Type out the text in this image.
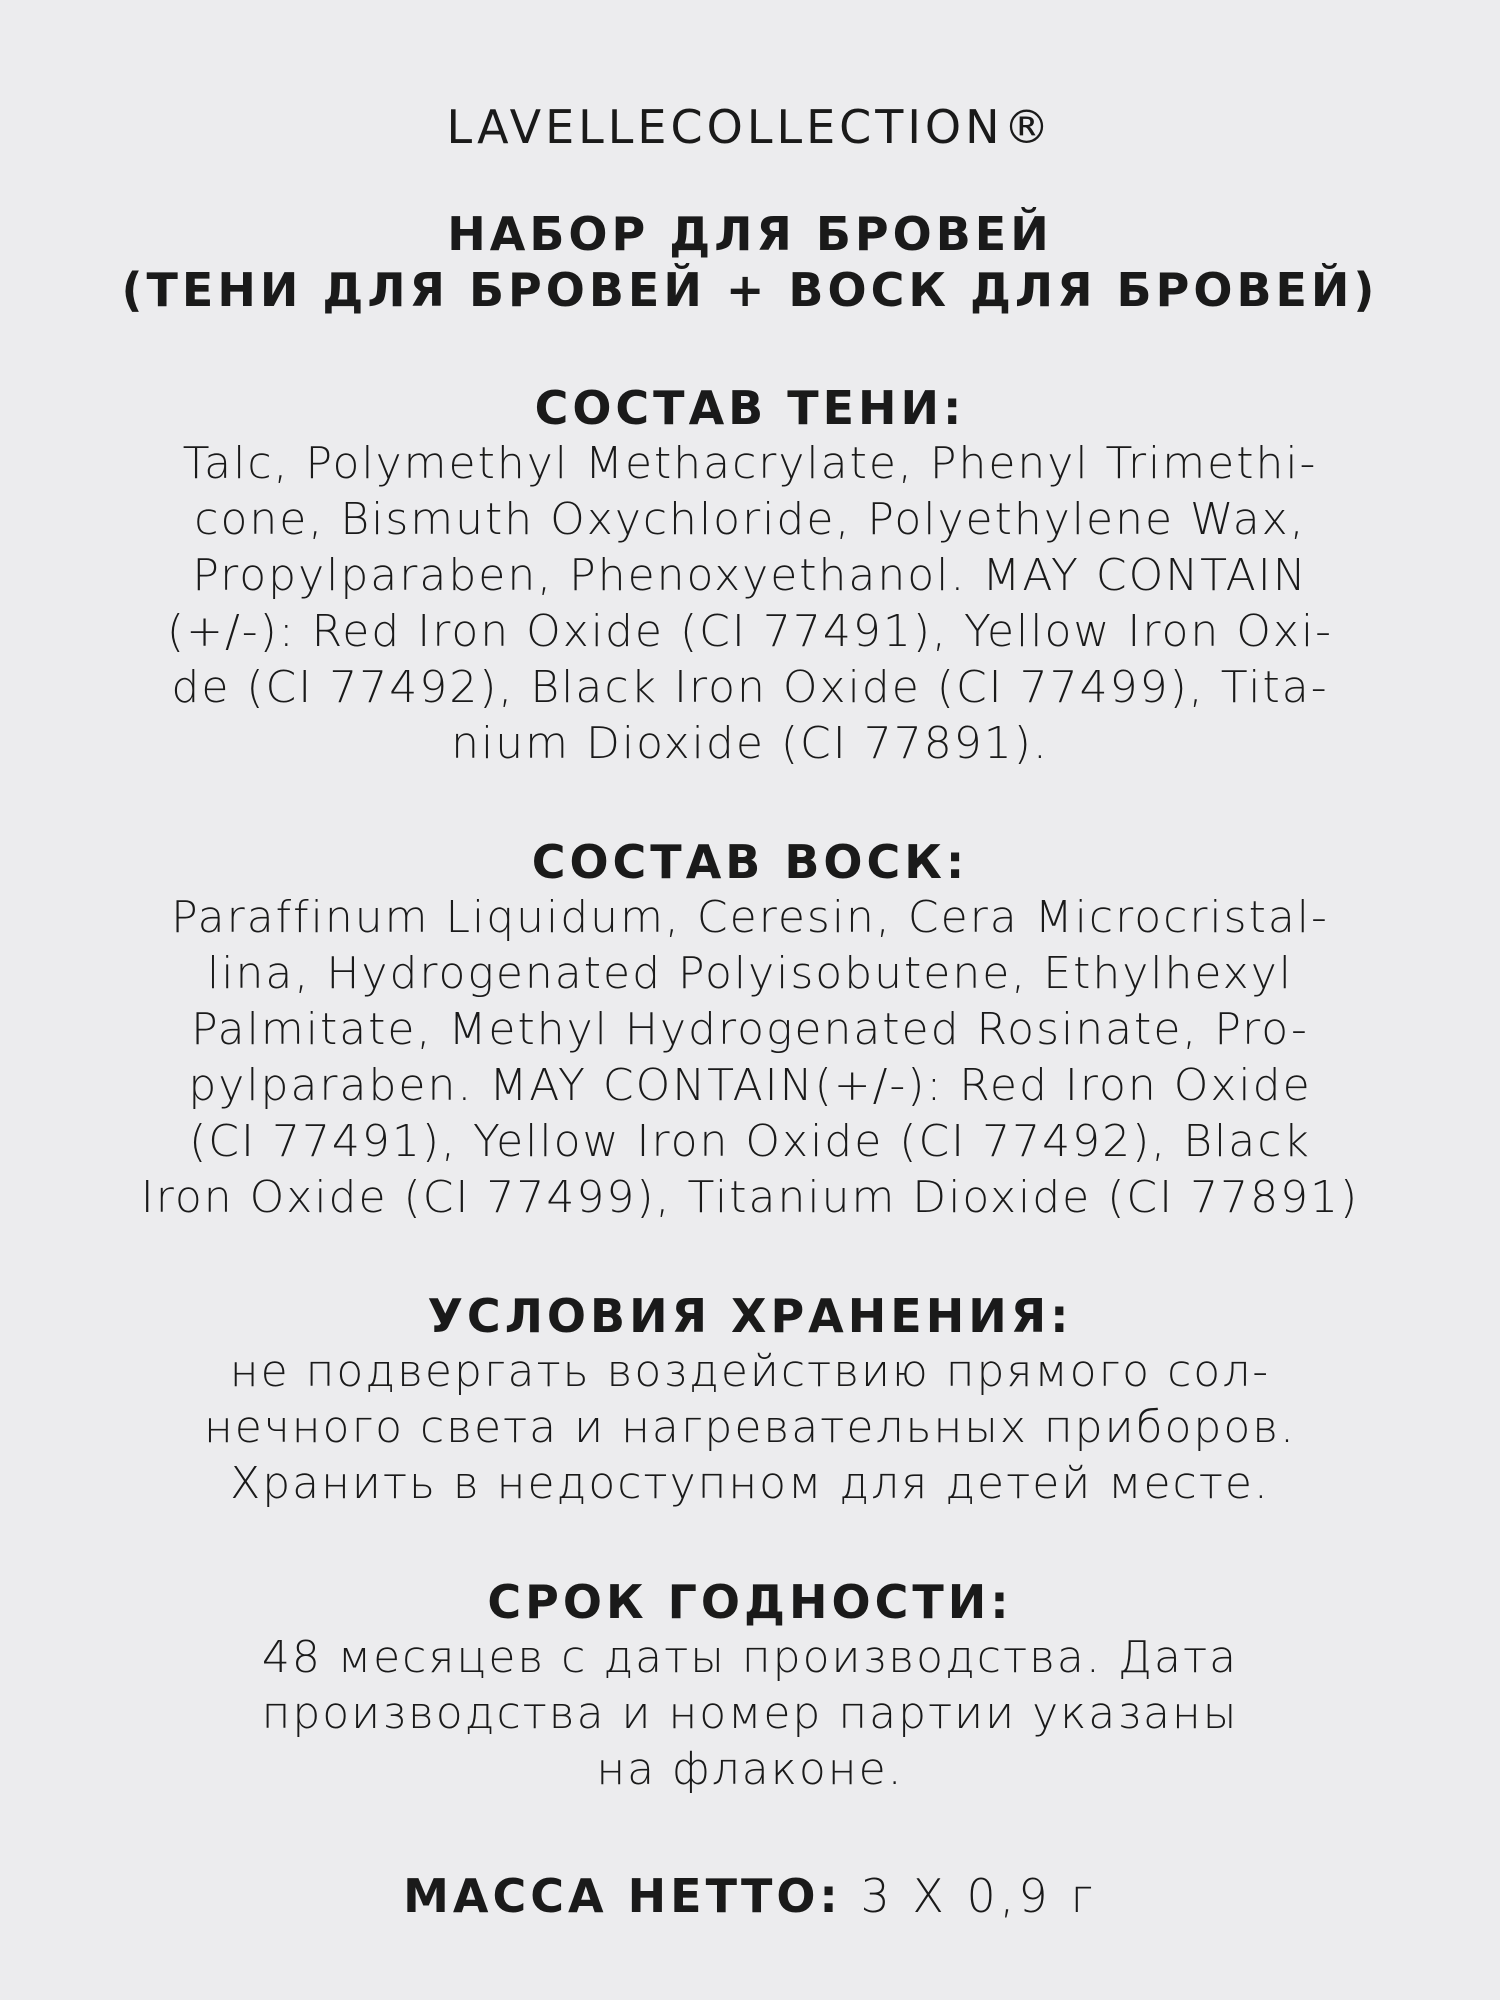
LAVELLECOLLECTION®

НАБОР ДЛЯ БРОВЕЙ
(ТЕНИ ДЛЯ БРОВЕЙ + ВОСК ДЛЯ БРОВЕЙ)
СОСТАВ ТЕНИ:

Talc, Polymethyl Methacrylate, Phenyl Trimethi-
cone, Bismuth Oxychloride, Polyethylene Wax,
Propylparaben, Phenoxyethanol. MAY CONTAIN
(+/-): Red Iron Oxide (CI 77491), Yellow Iron Oxi-
de (CI 77492), Black Iron Oxide (CI 77499), Tita-
nium Dioxide (CI 77891).

СОСТАВ ВОСК:

Paraffinum Liquidum, Ceresin, Cera Microcristal-
lina, Hydrogenated Polyisobutene, Ethylhexyl
Palmitate, Methyl Hydrogenated Rosinate, Pro-
pylparaben. MAY CONTAIN(+/-): Red Iron Oxide
(CI 77491), Yellow Iron Oxide (CI 77492), Black
Iron Oxide (CI 77499), Titanium Dioxide (CI 77891)

УСЛОВИЯ ХРАНЕНИЯ:

не подвергать воздействию прямого сол-
нечного света и нагревательных приборов.
Хранить в недоступном для детей месте.

СРОК ГОДНОСТИ:

48 месяцев с даты производства. Дата
производства и номер партии указаны
на флаконе.

МАССА НЕТТО: 3 Х 0,9 г
